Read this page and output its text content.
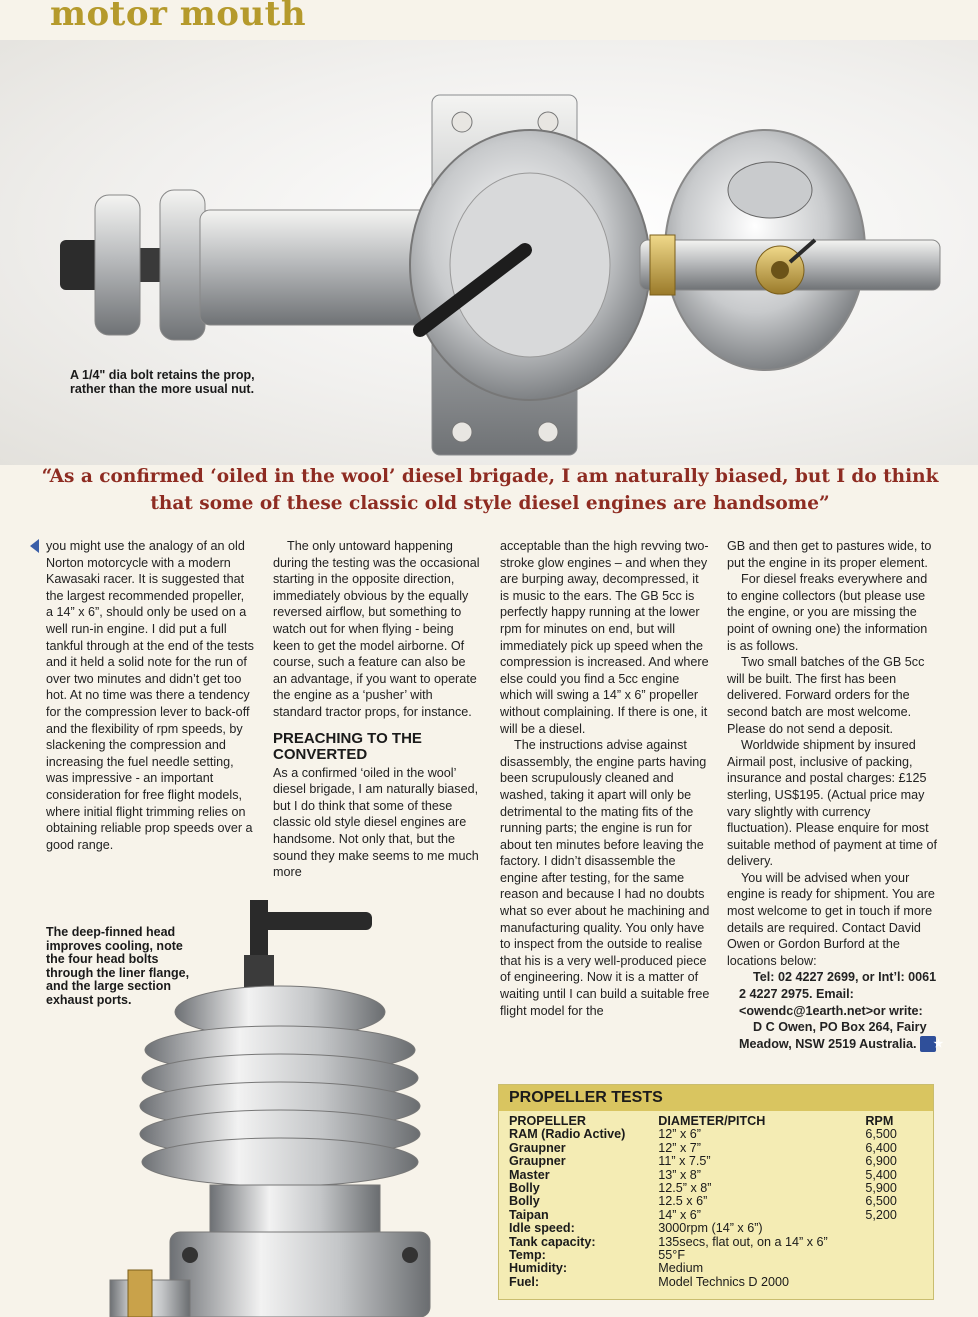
motor mouth
A 1/4" dia bolt retains the prop, rather than the more usual nut.
“As a confirmed ‘oiled in the wool’ diesel brigade, I am naturally biased, but I do think that some of these classic old style diesel engines are handsome”

you might use the analogy of an old Norton motorcycle with a modern Kawasaki racer. It is suggested that the largest recommended propeller, a 14” x 6”, should only be used on a well run-in engine. I did put a full tankful through at the end of the tests and it held a solid note for the run of over two minutes and didn’t get too hot. At no time was there a tendency for the compression lever to back-off and the flexibility of rpm speeds, by slackening the compression and increasing the fuel needle setting, was impressive - an important consideration for free flight models, where initial flight trimming relies on obtaining reliable prop speeds over a good range.

The only untoward happening during the testing was the occasional starting in the opposite direction, immediately obvious by the equally reversed airflow, but something to watch out for when flying - being keen to get the model airborne. Of course, such a feature can also be an advantage, if you want to operate the engine as a ‘pusher’ with standard tractor props, for instance.

PREACHING TO THE CONVERTED

As a confirmed ‘oiled in the wool’ diesel brigade, I am naturally biased, but I do think that some of these classic old style diesel engines are handsome. Not only that, but the sound they make seems to me much more

acceptable than the high revving two-stroke glow engines – and when they are burping away, decompressed, it is music to the ears. The GB 5cc is perfectly happy running at the lower rpm for minutes on end, but will immediately pick up speed when the compression is increased. And where else could you find a 5cc engine which will swing a 14” x 6” propeller without complaining. If there is one, it will be a diesel.

The instructions advise against disassembly, the engine parts having been scrupulously cleaned and washed, taking it apart will only be detrimental to the mating fits of the running parts; the engine is run for about ten minutes before leaving the factory. I didn’t disassemble the engine after testing, for the same reason and because I had no doubts what so ever about he machining and manufacturing quality. You only have to inspect from the outside to realise that his is a very well-produced piece of engineering. Now it is a matter of waiting until I can build a suitable free flight model for the

GB and then get to pastures wide, to put the engine in its proper element.

For diesel freaks everywhere and to engine collectors (but please use the engine, or you are missing the point of owning one) the information is as follows.

Two small batches of the GB 5cc will be built. The first has been delivered. Forward orders for the second batch are most welcome. Please do not send a deposit.

Worldwide shipment by insured Airmail post, inclusive of packing, insurance and postal charges: £125 sterling, US$195. (Actual price may vary slightly with currency fluctuation). Please enquire for most suitable method of payment at time of delivery.

You will be advised when your engine is ready for shipment. You are most welcome to get in touch if more details are required. Contact David Owen or Gordon Burford at the locations below:

Tel: 02 4227 2699, or Int’l: 0061 2 4227 2975. Email: <owendc@1earth.net>or write:

D C Owen, PO Box 264, Fairy Meadow, NSW 2519 Australia. ★

The deep-finned head improves cooling, note the four head bolts through the liner flange, and the large section exhaust ports.
PROPELLER TESTS
PROPELLER	DIAMETER/PITCH	RPM
RAM (Radio Active)	12” x 6”	6,500
Graupner	12” x 7”	6,400
Graupner	11” x 7.5”	6,900
Master	13” x 8”	5,400
Bolly	12.5” x 8”	5,900
Bolly	12.5 x 6”	6,500
Taipan	14” x 6”	5,200
Idle speed:	3000rpm (14” x 6”)	
Tank capacity:	135secs, flat out, on a 14” x 6”	
Temp:	55°F	
Humidity:	Medium	
Fuel:	Model Technics D 2000	
